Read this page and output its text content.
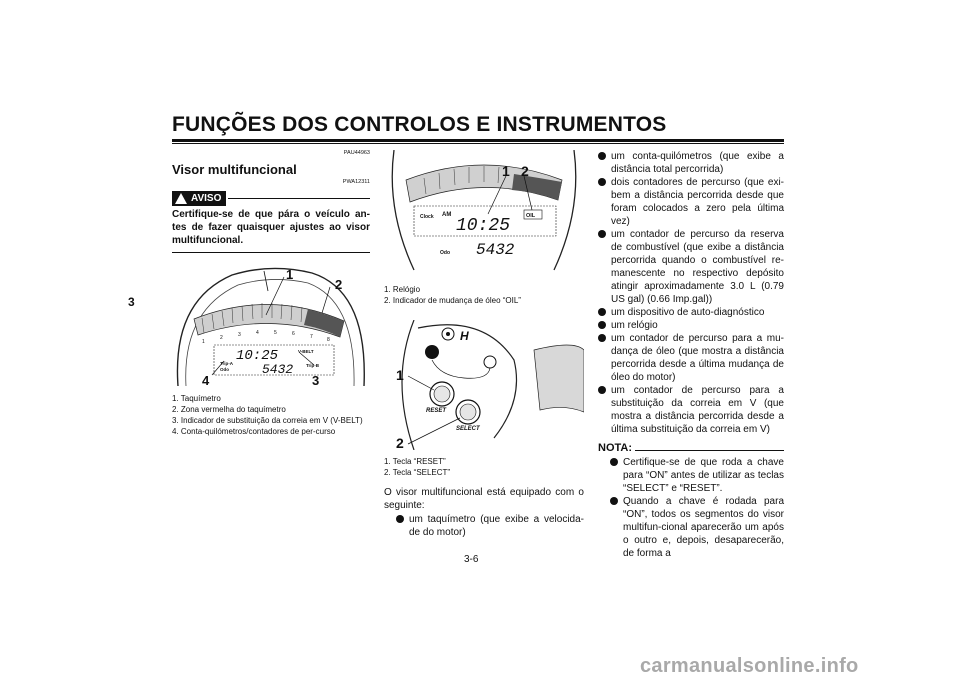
FUNÇÕES DOS CONTROLOS E INSTRUMENTOS
3
PAU44963
Visor multifuncional
PWA12311
AVISO
Certifique-se de que pára o veículo an-tes de fazer quaisquer ajustes ao visor multifuncional.
1
2	3	4	5	6	7	8
10:25
5432
Trip-A
Odo
V-BELT
Trip-B
1
2
3
4
1. Taquímetro
2. Zona vermelha do taquímetro
3. Indicador de substituição da correia em V (V-BELT)
4. Conta-quilómetros/contadores de per-curso
Clock AM
10:25	OIL
Odo 5432
1 2
1. Relógio
2. Indicador de mudança de óleo “OIL”
H
RESET
SELECT
1
2
1. Tecla “RESET”
2. Tecla “SELECT”
O visor multifuncional está equipado com o seguinte:
um taquímetro (que exibe a velocida-de do motor)
um conta-quilómetros (que exibe a distância total percorrida)
dois contadores de percurso (que exi-bem a distância percorrida desde que foram colocados a zero pela última vez)
um contador de percurso da reserva de combustível (que exibe a distância percorrida quando o combustível re-manescente no respectivo depósito atingir aproximadamente 3.0 L (0.79 US gal) (0.66 Imp.gal))
um dispositivo de auto-diagnóstico
um relógio
um contador de percurso para a mu-dança de óleo (que mostra a distância percorrida desde a última mudança de óleo do motor)
um contador de percurso para a substituição da correia em V (que mostra a distância percorrida desde a última substituição da correia em V)
NOTA:
Certifique-se de que roda a chave para “ON” antes de utilizar as teclas “SELECT” e “RESET”.
Quando a chave é rodada para “ON”, todos os segmentos do visor multifun-cional aparecerão um após o outro e, depois, desaparecerão, de forma a
3-6
carmanualsonline.info
